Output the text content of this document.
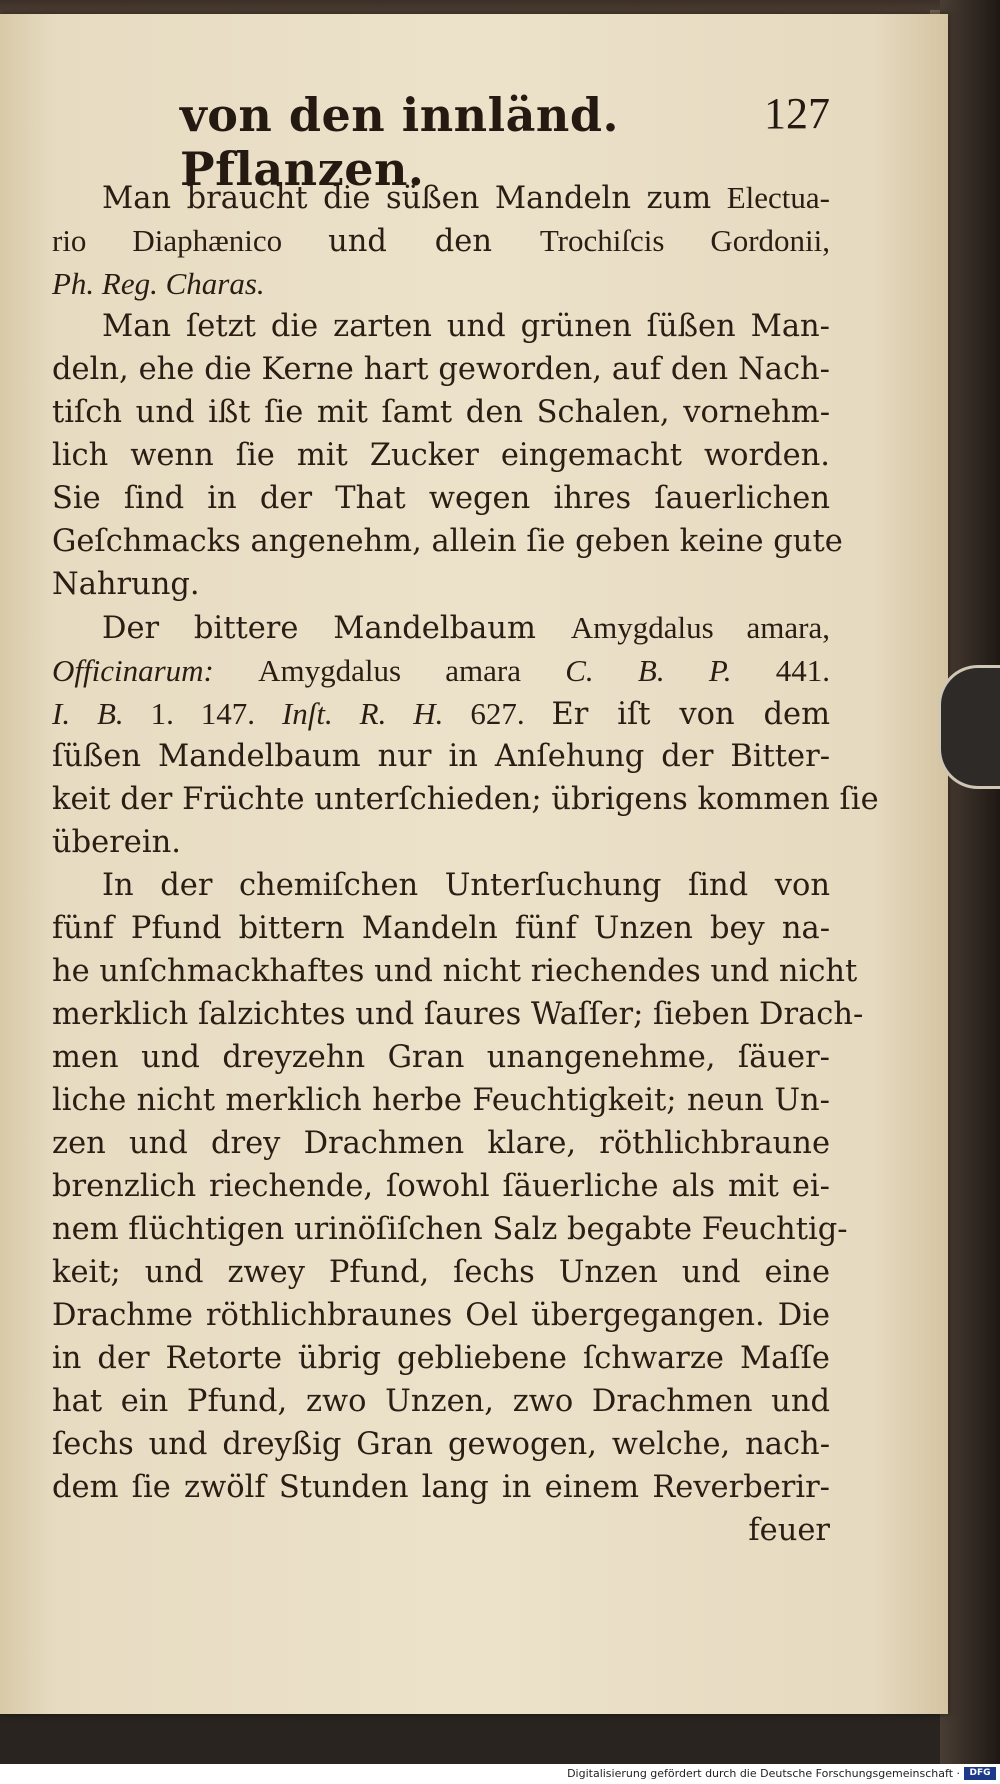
von den innländ. Pflanzen.
127
Man braucht die süßen Mandeln zum Electua-
rio Diaphænico und den Trochiſcis Gordonii,
Ph. Reg. Charas.
Man ſetzt die zarten und grünen ſüßen Man-
deln, ehe die Kerne hart geworden, auf den Nach-
tiſch und ißt ſie mit ſamt den Schalen, vornehm-
lich wenn ſie mit Zucker eingemacht worden.
Sie ſind in der That wegen ihres ſauerlichen
Geſchmacks angenehm, allein ſie geben keine gute
Nahrung.
Der bittere Mandelbaum Amygdalus amara,
Officinarum: Amygdalus amara C. B. P. 441.
I. B. 1. 147. Inſt. R. H. 627. Er iſt von dem
ſüßen Mandelbaum nur in Anſehung der Bitter-
keit der Früchte unterſchieden; übrigens kommen ſie
überein.
In der chemiſchen Unterſuchung ſind von
fünf Pfund bittern Mandeln fünf Unzen bey na-
he unſchmackhaftes und nicht riechendes und nicht
merklich ſalzichtes und ſaures Waſſer; ſieben Drach-
men und dreyzehn Gran unangenehme, ſäuer-
liche nicht merklich herbe Feuchtigkeit; neun Un-
zen und drey Drachmen klare, röthlichbraune
brenzlich riechende, ſowohl ſäuerliche als mit ei-
nem flüchtigen urinöſiſchen Salz begabte Feuchtig-
keit; und zwey Pfund, ſechs Unzen und eine
Drachme röthlichbraunes Oel übergegangen. Die
in der Retorte übrig gebliebene ſchwarze Maſſe
hat ein Pfund, zwo Unzen, zwo Drachmen und
ſechs und dreyßig Gran gewogen, welche, nach-
dem ſie zwölf Stunden lang in einem Reverberir-
feuer
Digitalisierung gefördert durch die Deutsche Forschungsgemeinschaft ·	DFG
